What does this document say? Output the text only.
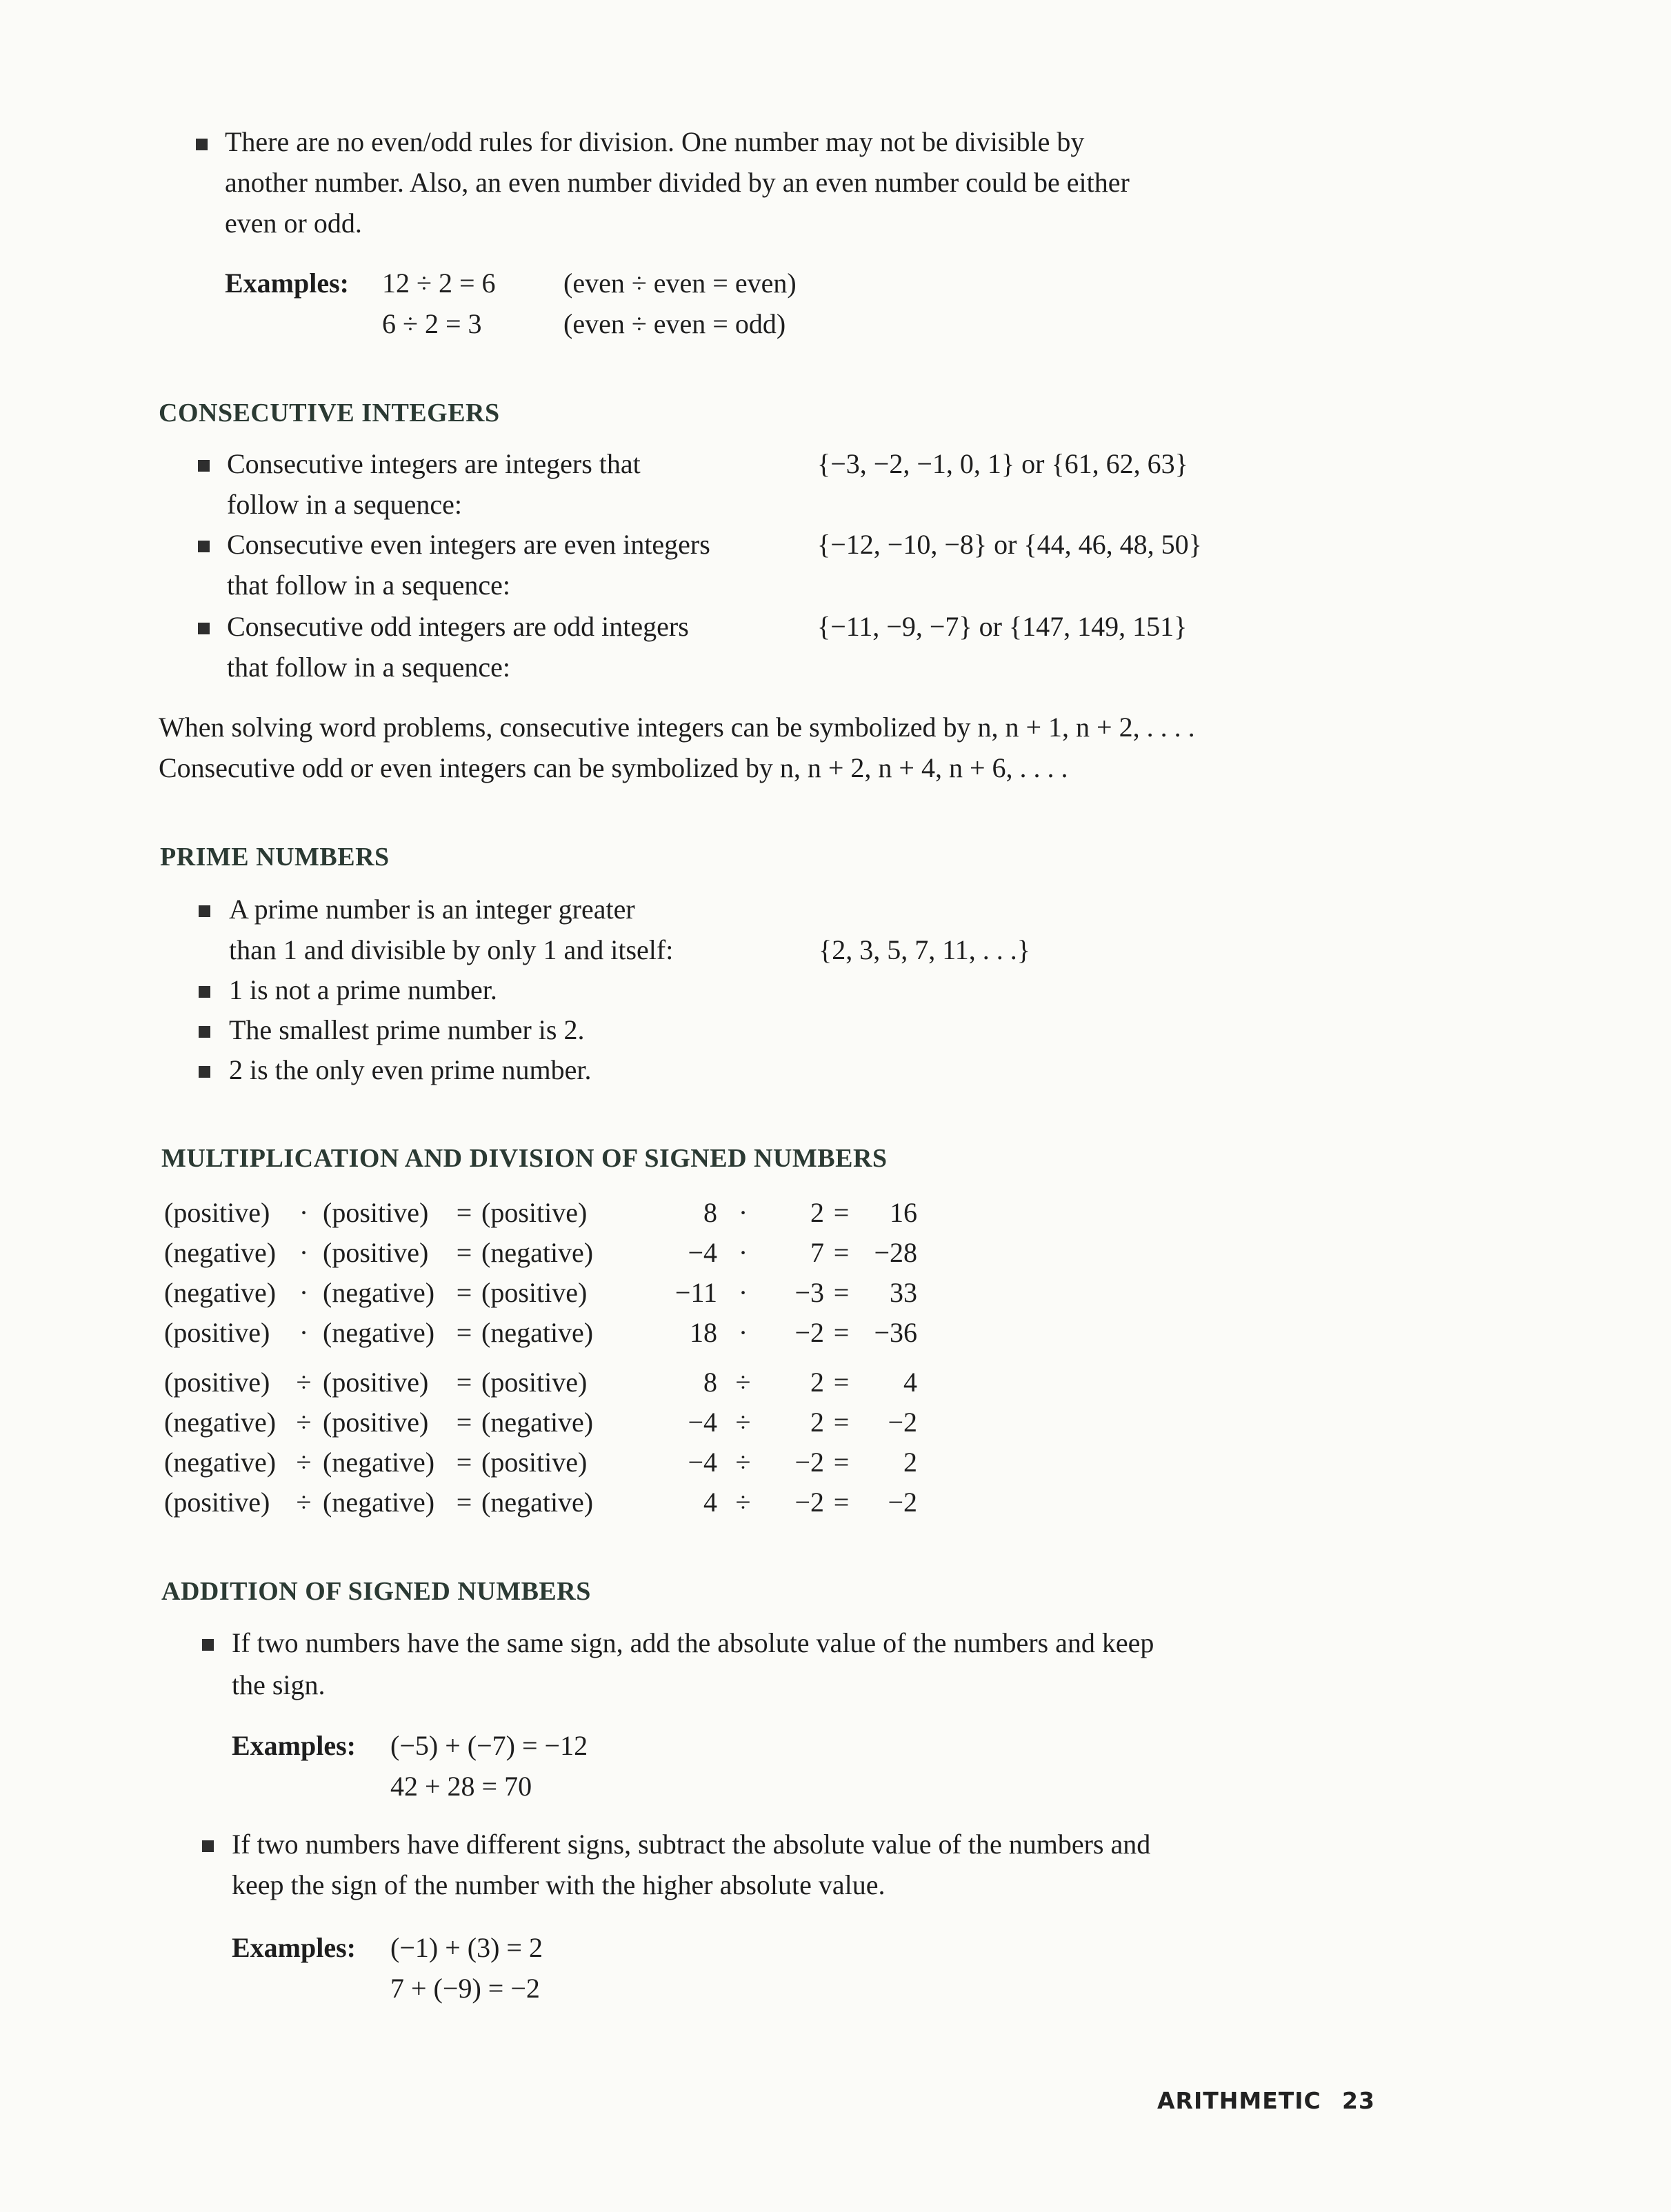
There are no even/odd rules for division. One number may not be divisible by
another number. Also, an even number divided by an even number could be either
even or odd.
Examples: 12 ÷ 2 = 6 (even ÷ even = even)
6 ÷ 2 = 3	(even ÷ even = odd)
CONSECUTIVE INTEGERS
Consecutive integers are integers that
follow in a sequence:
{−3, −2, −1, 0, 1} or {61, 62, 63}
Consecutive even integers are even integers
that follow in a sequence:
{−12, −10, −8} or {44, 46, 48, 50}
Consecutive odd integers are odd integers
that follow in a sequence:
{−11, −9, −7} or {147, 149, 151}
When solving word problems, consecutive integers can be symbolized by n, n + 1, n + 2, . . . .
Consecutive odd or even integers can be symbolized by n, n + 2, n + 4, n + 6, . . . .
PRIME NUMBERS
A prime number is an integer greater
than 1 and divisible by only 1 and itself:	{2, 3, 5, 7, 11, . . .}
1 is not a prime number.
The smallest prime number is 2.
2 is the only even prime number.
MULTIPLICATION AND DIVISION OF SIGNED NUMBERS
(positive)	· (positive)	= (positive)	8 ·	2 =	16
(negative) · (positive)	= (negative)	−4 ·	7 = −28
(negative) · (negative) = (positive)	−11 ·	−3 =	33
(positive)	· (negative) = (negative)	18 ·	−2 = −36
(positive) ÷ (positive)	= (positive)	8 ÷	2 =	4
(negative) ÷ (positive)	= (negative)	−4 ÷	2 =	−2
(negative) ÷ (negative) = (positive)	−4 ÷	−2 =	2
(positive) ÷ (negative) = (negative)	4 ÷	−2 =	−2
ADDITION OF SIGNED NUMBERS
If two numbers have the same sign, add the absolute value of the numbers and keep
the sign.
Examples: (−5) + (−7) = −12
42 + 28 = 70
If two numbers have different signs, subtract the absolute value of the numbers and
keep the sign of the number with the higher absolute value.
Examples: (−1) + (3) = 2
7 + (−9) = −2
ARITHMETIC 23
